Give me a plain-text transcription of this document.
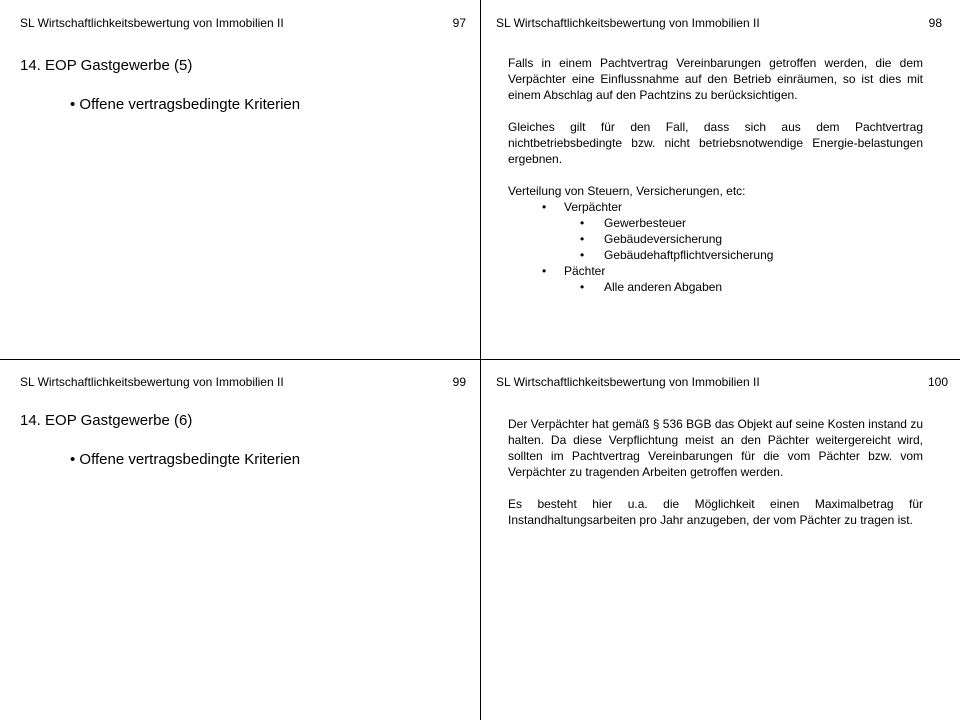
SL Wirtschaftlichkeitsbewertung von Immobilien II	97
14. EOP Gastgewerbe (5)
• Offene vertragsbedingte Kriterien
SL Wirtschaftlichkeitsbewertung von Immobilien II	98

Falls in einem Pachtvertrag Vereinbarungen getroffen werden, die dem Verpächter eine Einflussnahme auf den Betrieb einräumen, so ist dies mit einem Abschlag auf den Pachtzins zu berücksichtigen.

Gleiches gilt für den Fall, dass sich aus dem Pachtvertrag nichtbetriebsbedingte bzw. nicht betriebsnotwendige Energie-belastungen ergebnen.

Verteilung von Steuern, Versicherungen, etc:
• Verpächter
• Gewerbesteuer
• Gebäudeversicherung
• Gebäudehaftpflichtversicherung
• Pächter
• Alle anderen Abgaben
SL Wirtschaftlichkeitsbewertung von Immobilien II	99
14. EOP Gastgewerbe (6)
• Offene vertragsbedingte Kriterien
SL Wirtschaftlichkeitsbewertung von Immobilien II	100

Der Verpächter hat gemäß § 536 BGB das Objekt auf seine Kosten instand zu halten. Da diese Verpflichtung meist an den Pächter weitergereicht wird, sollten im Pachtvertrag Vereinbarungen für die vom Pächter bzw. vom Verpächter zu tragenden Arbeiten getroffen werden.

Es besteht hier u.a. die Möglichkeit einen Maximalbetrag für Instandhaltungsarbeiten pro Jahr anzugeben, der vom Pächter zu tragen ist.
